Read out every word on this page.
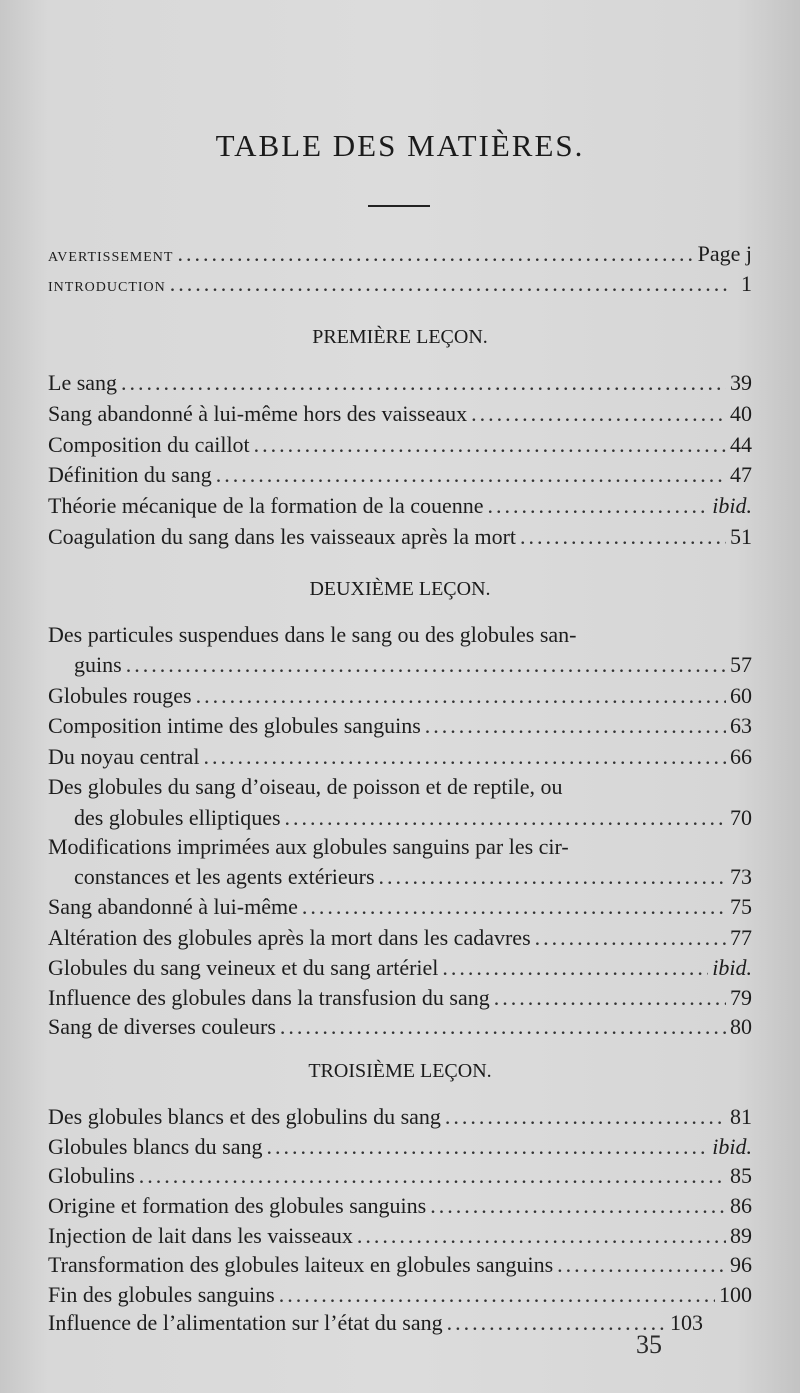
TABLE DES MATIÈRES.
AVERTISSEMENT .....	Page j
INTRODUCTION .....	1
PREMIÈRE LEÇON.
Le sang .....	39
Sang abandonné à lui-même hors des vaisseaux .....	40
Composition du caillot .....	44
Définition du sang .....	47
Théorie mécanique de la formation de la couenne .....	ibid.
Coagulation du sang dans les vaisseaux après la mort .....	51
DEUXIÈME LEÇON.
Des particules suspendues dans le sang ou des globules san-
guins .....	57
Globules rouges .....	60
Composition intime des globules sanguins .....	63
Du noyau central .....	66
Des globules du sang d’oiseau, de poisson et de reptile, ou
des globules elliptiques .....	70
Modifications imprimées aux globules sanguins par les cir-
constances et les agents extérieurs .....	73
Sang abandonné à lui-même .....	75
Altération des globules après la mort dans les cadavres .....	77
Globules du sang veineux et du sang artériel .....	ibid.
Influence des globules dans la transfusion du sang .....	79
Sang de diverses couleurs .....	80
TROISIÈME LEÇON.
Des globules blancs et des globulins du sang .....	81
Globules blancs du sang .....	ibid.
Globulins .....	85
Origine et formation des globules sanguins .....	86
Injection de lait dans les vaisseaux .....	89
Transformation des globules laiteux en globules sanguins .....	96
Fin des globules sanguins .....	100
Influence de l’alimentation sur l’état du sang .....	103
35
